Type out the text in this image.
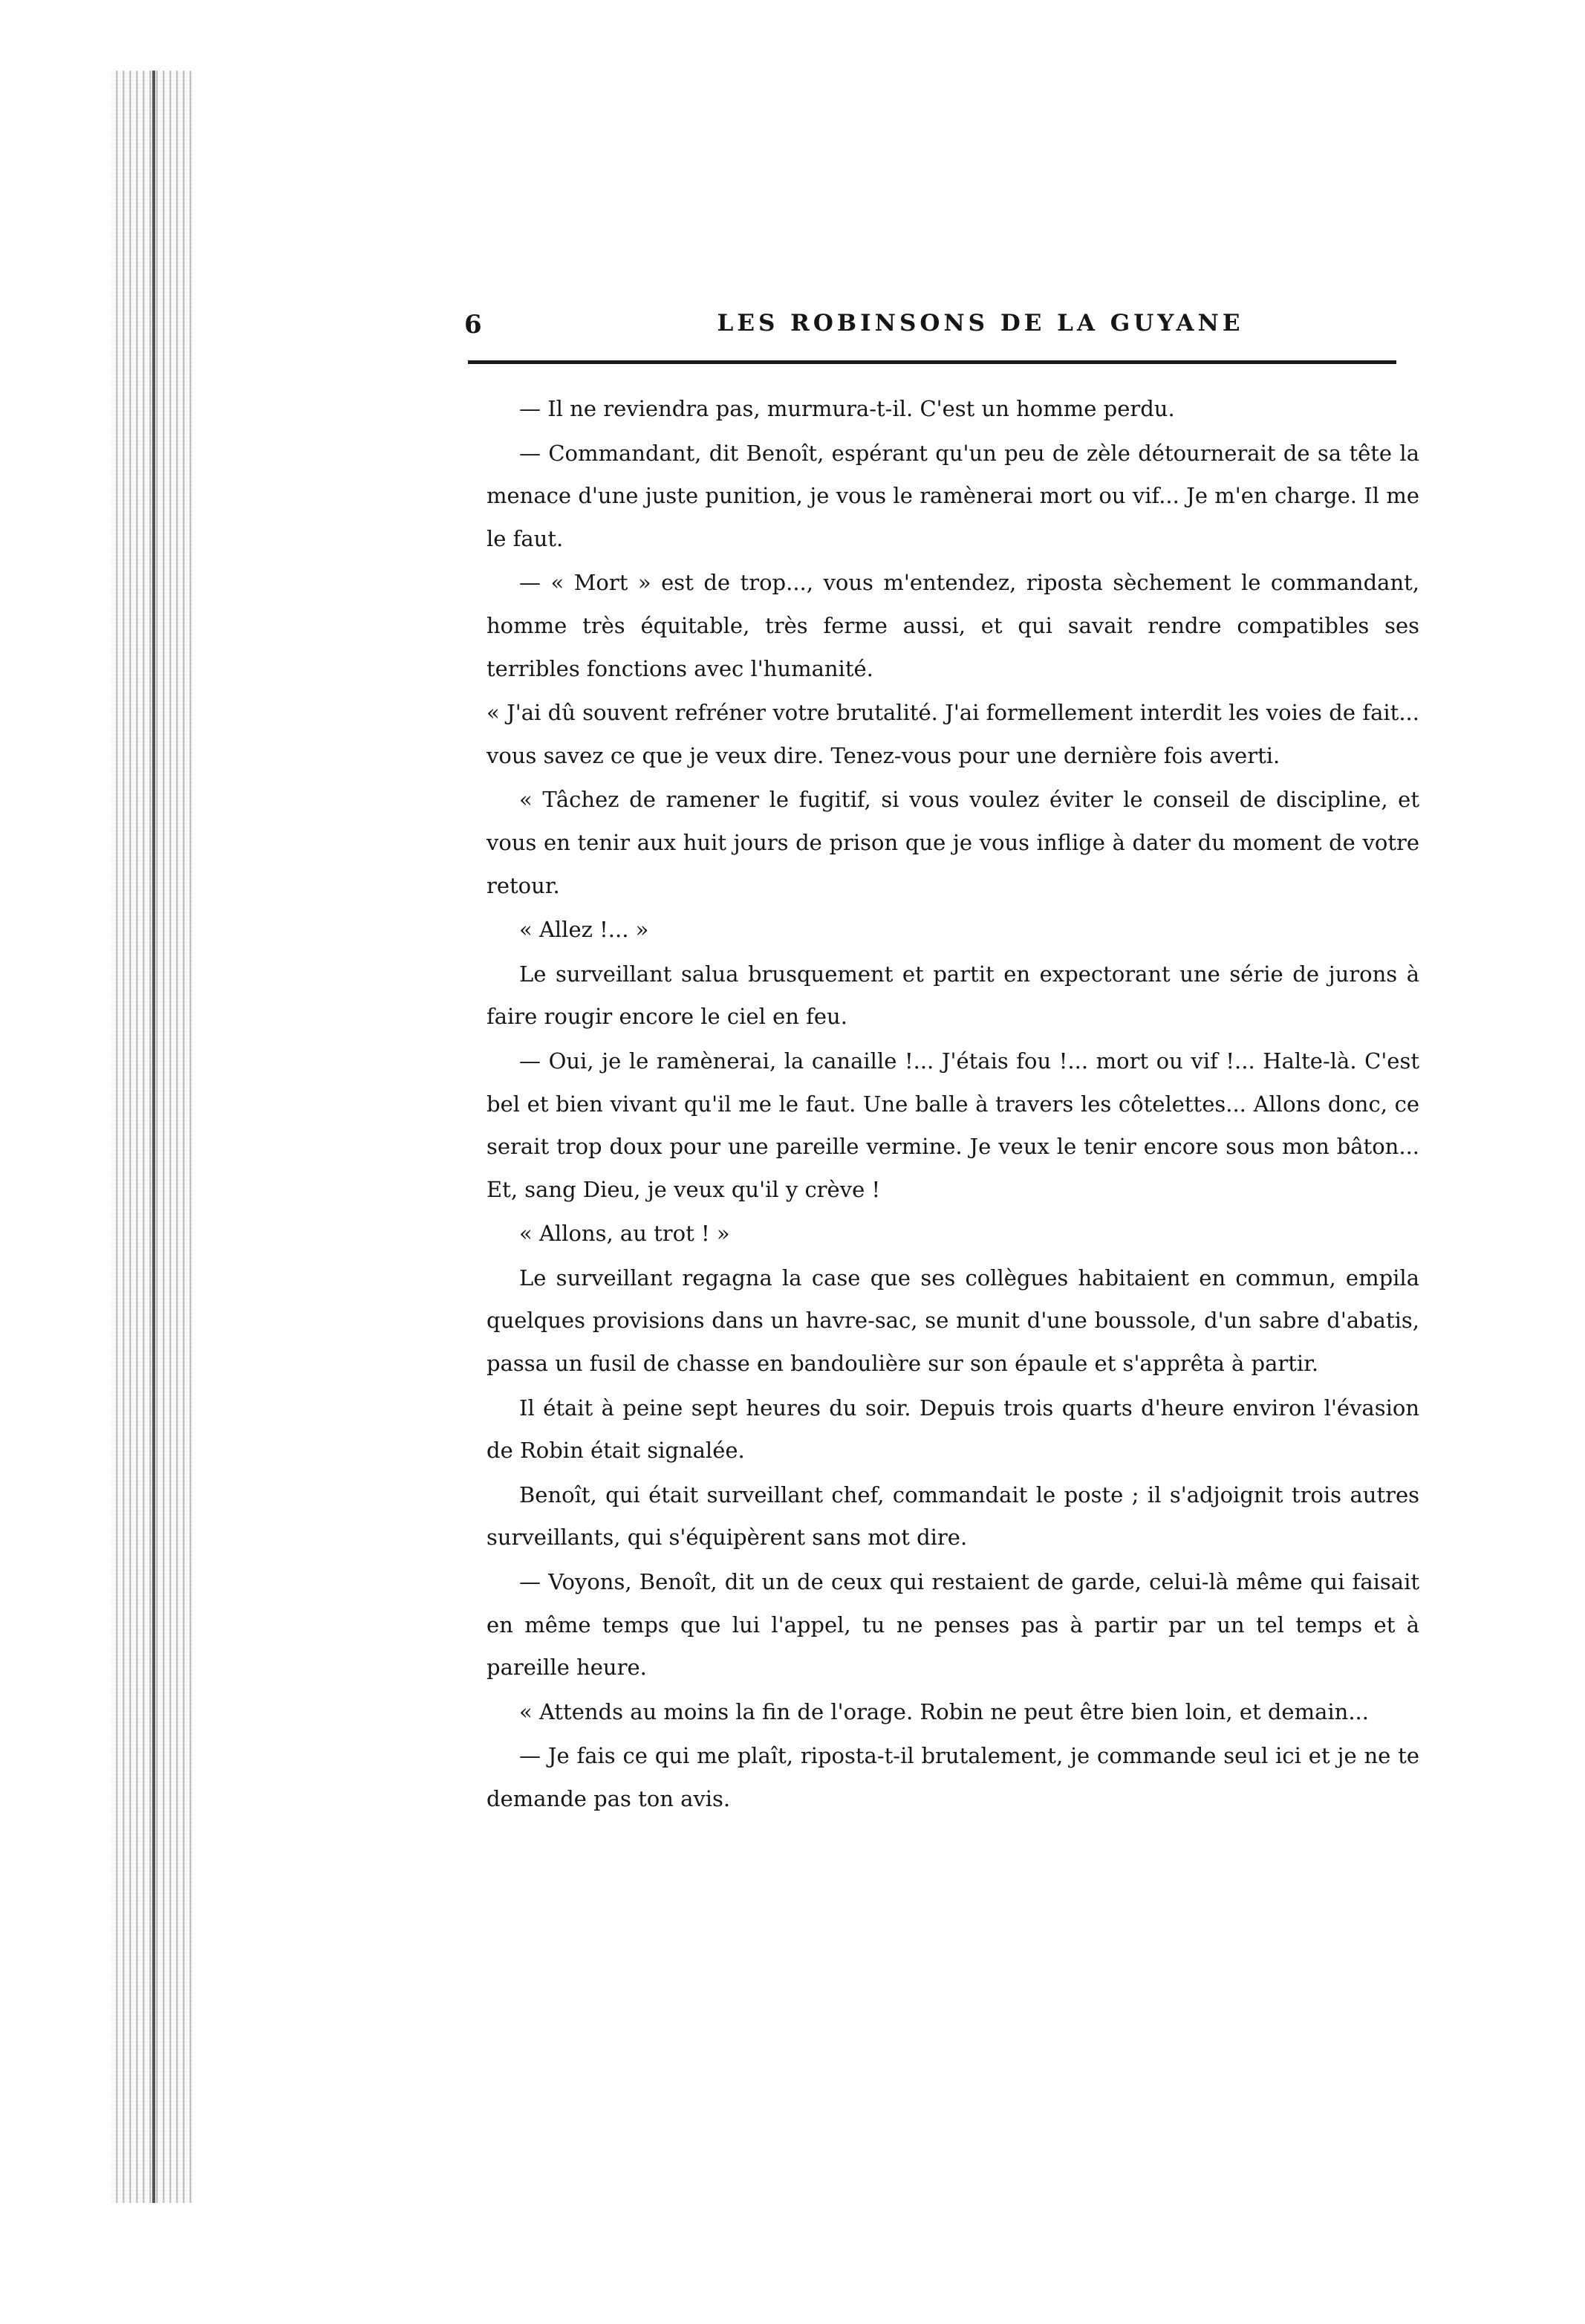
6	LES ROBINSONS DE LA GUYANE

— Il ne reviendra pas, murmura-t-il. C'est un homme perdu.

— Commandant, dit Benoît, espérant qu'un peu de zèle détournerait de sa tête la menace d'une juste punition, je vous le ramènerai mort ou vif... Je m'en charge. Il me le faut.

— « Mort » est de trop..., vous m'entendez, riposta sèchement le commandant, homme très équitable, très ferme aussi, et qui savait rendre compatibles ses terribles fonctions avec l'humanité.

« J'ai dû souvent refréner votre brutalité. J'ai formellement interdit les voies de fait... vous savez ce que je veux dire. Tenez-vous pour une dernière fois averti.

« Tâchez de ramener le fugitif, si vous voulez éviter le conseil de discipline, et vous en tenir aux huit jours de prison que je vous inflige à dater du moment de votre retour.

« Allez !... »

Le surveillant salua brusquement et partit en expectorant une série de jurons à faire rougir encore le ciel en feu.

— Oui, je le ramènerai, la canaille !... J'étais fou !... mort ou vif !... Halte-là. C'est bel et bien vivant qu'il me le faut. Une balle à travers les côtelettes... Allons donc, ce serait trop doux pour une pareille vermine. Je veux le tenir encore sous mon bâton... Et, sang Dieu, je veux qu'il y crève !

« Allons, au trot ! »

Le surveillant regagna la case que ses collègues habitaient en commun, empila quelques provisions dans un havre-sac, se munit d'une boussole, d'un sabre d'abatis, passa un fusil de chasse en bandoulière sur son épaule et s'apprêta à partir.

Il était à peine sept heures du soir. Depuis trois quarts d'heure environ l'évasion de Robin était signalée.

Benoît, qui était surveillant chef, commandait le poste ; il s'adjoignit trois autres surveillants, qui s'équipèrent sans mot dire.

— Voyons, Benoît, dit un de ceux qui restaient de garde, celui-là même qui faisait en même temps que lui l'appel, tu ne penses pas à partir par un tel temps et à pareille heure.

« Attends au moins la fin de l'orage. Robin ne peut être bien loin, et demain...

— Je fais ce qui me plaît, riposta-t-il brutalement, je commande seul ici et je ne te demande pas ton avis.
